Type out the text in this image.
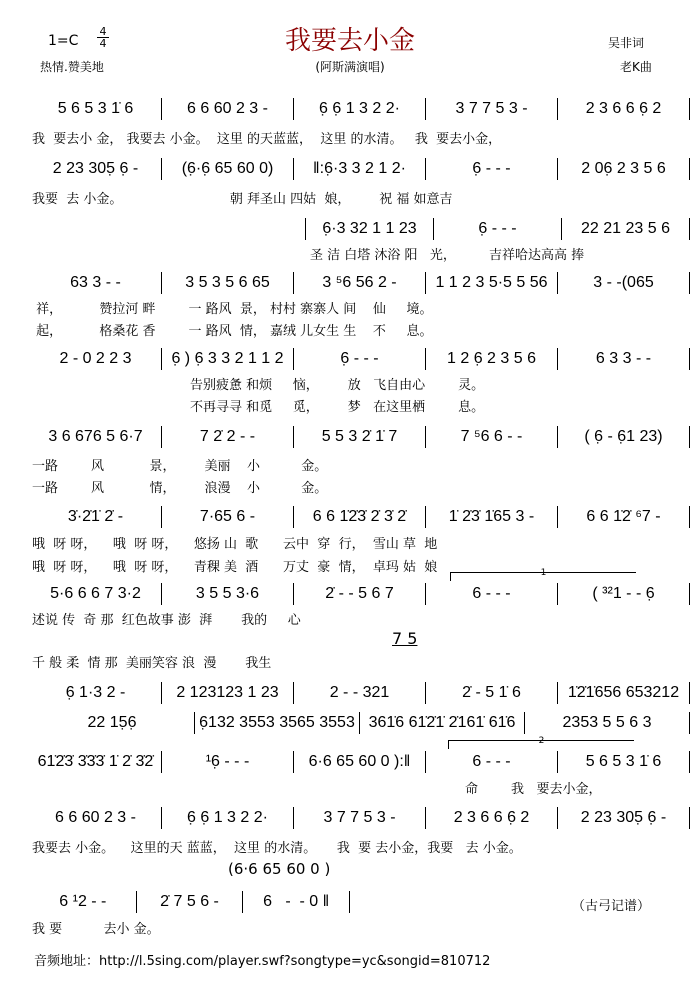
1=C
4
4	我要去小金
(阿斯满演唱)
热情.赞美地
吴非词
老K曲
5 6 5 3 1̇ 6	6 6 60 2 3 -	6̣ 6̣ 1 3 2 2·	3 7 7 5 3 -	2 3 6 6 6̣ 2
我  要去小 金， 我要去 小金。  这里 的天蓝蓝，  这里 的水清。   我  要去小金，
2 23 305̣ 6̣ -	(6̣·6̣ 65 60 0)	‖:6̣·3 3 2 1 2·	6̣ - - -	2 06̣ 2 3 5 6
我要  去 小金。                          朝 拜圣山 四姑  娘，       祝 福 如意吉
6̣·3 32 1 1 23	6̣ - - -	22 21 23 5 6
圣 洁 白塔 沐浴 阳   光，        吉祥哈达高高 捧
63 3 - -	3 5 3 5 6 65	3 ⁵6 56 2 -	1 1 2 3 5·5 5 56	3 - -(065
祥，         赞拉河 畔        一 路风  景， 村村 寨寨人 间    仙     境。
起，         格桑花 香        一 路风  情， 嘉绒 儿女生 生    不     息。
2 - 0 2 2 3	6̣ ) 6̣ 3 3 2 1 1 2	6̣ - - -	1 2 6̣ 2 3 5 6	6 3 3 - -
告别疲惫 和烦     恼，       放   飞自由心        灵。
不再寻寻 和觅     觅，       梦   在这里栖        息。
3 6 676 5 6·7	7 2̇ 2 - -	5 5 3 2̇ 1̇ 7	7 ⁵6 6 - -	( 6̣ - 6̣1 23)
一路        风           景，       美丽    小          金。
一路        风           情，       浪漫    小          金。
3̇·2̇1̇ 2̇ -	7·65 6 -	6 6 1̇2̇3̇ 2̇ 3̇ 2̇	1̇ 2̇3̇ 1̇65 3 -	6 6 1̇2̇ ⁶7 -
哦  呀 呀，    哦  呀 呀，    悠扬 山  歌      云中  穿  行，  雪山 草  地
哦  呀 呀，    哦  呀 呀，    青稞 美  酒      万丈  豪  情，  卓玛 姑  娘
5·6 6 6 7 3·2	3 5 5 3·6	2̇ - - 5 6 7	6 - - -	( ³²1 - - 6̣
述说 传  奇 那  红色故事 澎  湃       我的     心
7 5
千 般 柔  情 那  美丽笑容 浪  漫       我生
1
6̣ 1·3 2 -	2 123123 1 23	2 - - 321	2̇ - 5 1̇ 6	1̇2̇1̇656 653212
22 15̣6̣	6̣132 3553 3565 3553 361̇6 61̇2̇1̇ 2̇161̇ 61̇6	2353 5 5 6 3
61̇2̇3̇ 3̇3̇3̇ 1̇ 2̇ 3̇2̇	¹6̣ - - -	6·6 65 60 0 ):‖	6 - - -	5 6 5 3 1̇ 6
命        我   要去小金，
2
6 6 60 2 3 -	6̣ 6̣ 1 3 2 2·	3 7 7 5 3 -	2 3 6 6 6̣ 2	2 23 305̣ 6̣ -
我要去 小金。    这里的天 蓝蓝，  这里 的水清。     我  要 去小金，我要   去 小金。
(6·6 65 60 0 )
6 ¹2 - -	2̇ 7 5 6 -	6   -  - 0 ‖
我 要          去小 金。
（古弓记谱）
音频地址：http://l.5sing.com/player.swf?songtype=yc&songid=810712
